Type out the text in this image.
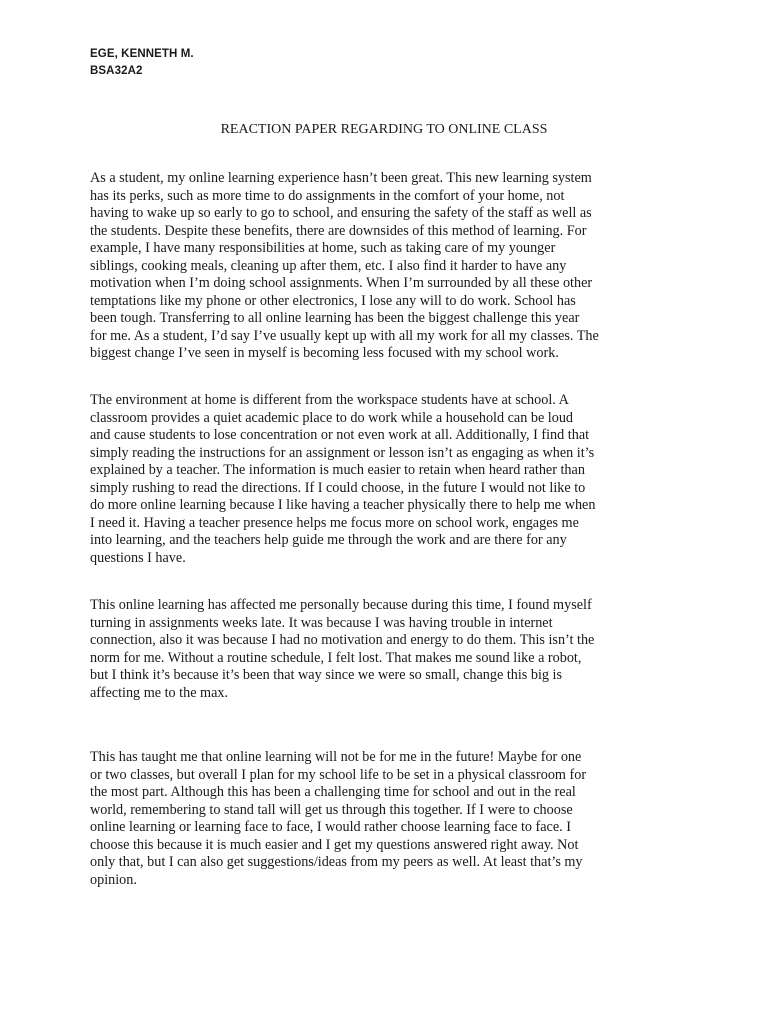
EGE, KENNETH M.
BSA32A2
REACTION PAPER REGARDING TO ONLINE CLASS
As a student, my online learning experience hasn’t been great. This new learning system
has its perks, such as more time to do assignments in the comfort of your home, not
having to wake up so early to go to school, and ensuring the safety of the staff as well as
the students. Despite these benefits, there are downsides of this method of learning. For
example, I have many responsibilities at home, such as taking care of my younger
siblings, cooking meals, cleaning up after them, etc. I also find it harder to have any
motivation when I’m doing school assignments. When I’m surrounded by all these other
temptations like my phone or other electronics, I lose any will to do work. School has
been tough. Transferring to all online learning has been the biggest challenge this year
for me. As a student, I’d say I’ve usually kept up with all my work for all my classes. The
biggest change I’ve seen in myself is becoming less focused with my school work.
The environment at home is different from the workspace students have at school. A
classroom provides a quiet academic place to do work while a household can be loud
and cause students to lose concentration or not even work at all. Additionally, I find that
simply reading the instructions for an assignment or lesson isn’t as engaging as when it’s
explained by a teacher. The information is much easier to retain when heard rather than
simply rushing to read the directions. If I could choose, in the future I would not like to
do more online learning because I like having a teacher physically there to help me when
I need it. Having a teacher presence helps me focus more on school work, engages me
into learning, and the teachers help guide me through the work and are there for any
questions I have.
This online learning has affected me personally because during this time, I found myself
turning in assignments weeks late. It was because I was having trouble in internet
connection, also it was because I had no motivation and energy to do them. This isn’t the
norm for me. Without a routine schedule, I felt lost. That makes me sound like a robot,
but I think it’s because it’s been that way since we were so small, change this big is
affecting me to the max.
This has taught me that online learning will not be for me in the future! Maybe for one
or two classes, but overall I plan for my school life to be set in a physical classroom for
the most part. Although this has been a challenging time for school and out in the real
world, remembering to stand tall will get us through this together. If I were to choose
online learning or learning face to face, I would rather choose learning face to face. I
choose this because it is much easier and I get my questions answered right away. Not
only that, but I can also get suggestions/ideas from my peers as well. At least that’s my
opinion.
